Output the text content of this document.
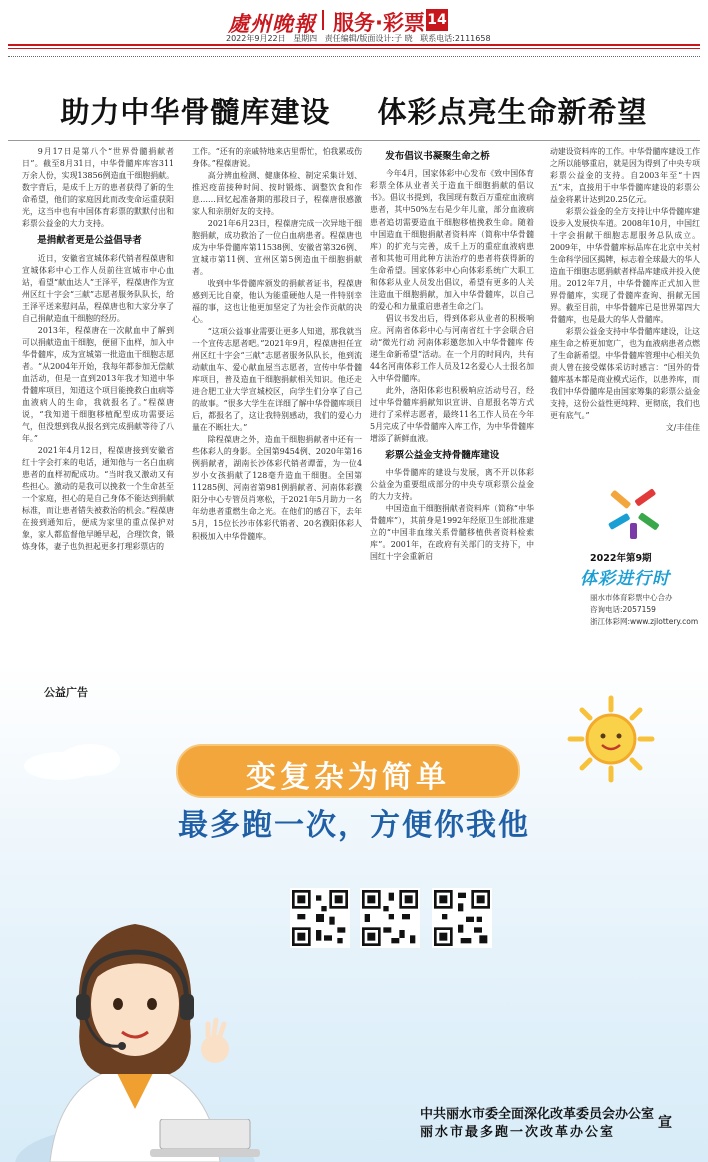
處州晚報 服务·彩票 14
2022年9月22日 星期四 责任编辑/版面设计:子 晓 联系电话:2111658
助力中华骨髓库建设 体彩点亮生命新希望

9月17日是第八个“世界骨髓捐献者日”。截至8月31日，中华骨髓库库容311万余人份，实现13856例造血干细胞捐献。数字背后，是成千上万的患者获得了新的生命希望，他们的家庭因此而改变命运重获阳光，这当中也有中国体育彩票的默默付出和彩票公益金的大力支持。

是捐献者更是公益倡导者

近日，安徽省宣城体彩代销者程葆唐和宣城体彩中心工作人员前往宣城市中心血站，看望“献血达人”王泽平，程葆唐作为宣州区红十字会“三献”志愿者服务队队长，给王泽平送来慰问品，程葆唐也和大家分享了自己捐献造血干细胞的经历。

2013年，程葆唐在一次献血中了解到可以捐献造血干细胞，便留下血样，加入中华骨髓库，成为宣城第一批造血干细胞志愿者。“从2004年开始，我每年都参加无偿献血活动，但是一直到2013年我才知道中华骨髓库项目，知道这个项目能挽救白血病等血液病人的生命，我就报名了。”程葆唐说，“我知道干细胞移植配型成功需要运气，但没想到我从报名到完成捐献等待了八年。”

2021年4月12日，程葆唐接到安徽省红十字会打来的电话，通知他与一名白血病患者的血样初配成功。“当时我又激动又有些担心。激动的是我可以挽救一个生命甚至一个家庭，担心的是自己身体不能达到捐献标准，而让患者错失被救治的机会。”程葆唐在接到通知后，便成为家里的重点保护对象，家人都监督他早睡早起，合理饮食，锻炼身体，妻子也负担起更多打理彩票店的

工作。“还有的亲戚特地来店里帮忙，怕我累或伤身体。”程葆唐说。

高分辨血检测、健康体检、制定采集计划、推迟疫苗接种时间、按时锻炼、调整饮食和作息……回忆起准备期的那段日子，程葆唐很感激家人和亲朋好友的支持。

2021年6月23日，程葆唐完成一次异地干细胞捐献，成功救治了一位白血病患者。程葆唐也成为中华骨髓库第11538例、安徽省第326例、宣城市第11例、宣州区第5例造血干细胞捐献者。

收到中华骨髓库颁发的捐献者证书，程葆唐感到无比自豪，他认为能重硬他人是一件特别幸福的事，这也让他更加坚定了为社会作贡献的决心。

“这项公益事业需要让更多人知道，那我就当一个宣传志愿者吧。”2021年9月，程葆唐担任宣州区红十字会“三献”志愿者服务队队长，他到流动献血车、爱心献血屋当志愿者，宣传中华骨髓库项目，普及造血干细胞捐献相关知识。他还走进合肥工业大学宣城校区，向学生们分享了自己的故事。“很多大学生在详细了解中华骨髓库项目后，都报名了，这让我特别感动，我们的爱心力量在不断壮大。”

除程葆唐之外，造血干细胞捐献者中还有一些体彩人的身影。全国第9454例、2020年第16例捐献者，湖南长沙体彩代销者谭蕾，为一位4岁小女孩捐献了128毫升造血干细胞。全国第11285例、河南省第981例捐献者、河南体彩濮阳分中心专管员肖寒松，于2021年5月助力一名年幼患者重燃生命之光。在他们的感召下，去年5月，15位长沙市体彩代销者、20名濮阳体彩人积极加入中华骨髓库。

发布倡议书凝聚生命之桥

今年4月，国家体彩中心发布《致中国体育彩票全体从业者关于造血干细胞捐献的倡议书》。倡议书提到，我国现有数百万重症血液病患者，其中50%左右是少年儿童，部分血液病患者追切需要造血干细胞移植挽救生命。随着中国造血干细胞捐献者资料库（简称中华骨髓库）的扩充与完善，成千上万的重症血液病患者和其他可用此种方法治疗的患者将获得新的生命希望。国家体彩中心向体彩系统广大职工和体彩从业人员发出倡议，希望有更多的人关注造血干细胞捐献，加入中华骨髓库，以自己的爱心和力量重启患者生命之门。

倡议书发出后，得到体彩从业者的积极响应。河南省体彩中心与河南省红十字会联合启动“微光行动 河南体彩邀您加入中华骨髓库 传递生命新希望”活动。在一个月的时间内，共有44名河南体彩工作人员及12名爱心人士报名加入中华骨髓库。

此外，洛阳体彩也积极响应活动号召，经过中华骨髓库捐献知识宣讲、自愿报名等方式进行了采样志愿者，最终11名工作人员在今年5月完成了中华骨髓库入库工作，为中华骨髓库增添了新鲜血液。

彩票公益金支持骨髓库建设

中华骨髓库的建设与发展，离不开以体彩公益金为重要组成部分的中央专项彩票公益金的大力支持。

中国造血干细胞捐献者资料库（简称“中华骨髓库”），其前身是1992年经原卫生部批准建立的“中国非血缘关系骨髓移植供者资料检索库”。2001年，在政府有关部门的支持下，中国红十字会重新启

动建设资料库的工作。中华骨髓库建设工作之所以能够重启，就是因为得到了中央专项彩票公益金的支持。自2003年至“十四五”末，直接用于中华骨髓库建设的彩票公益金将累计达到20.25亿元。

彩票公益金的全方支持让中华骨髓库建设步入发展快车道。2008年10月，中国红十字会捐献干细胞志愿服务总队成立。2009年，中华骨髓库标品库在北京中关村生命科学园区揭牌，标志着全球最大的华人造血干细胞志愿捐献者样品库建成并投入使用。2012年7月，中华骨髓库正式加入世界骨髓库，实现了骨髓库查询、捐献无国界。截至目前，中华骨髓库已是世界第四大骨髓库，也是最大的华人骨髓库。

彩票公益金支持中华骨髓库建设，让这座生命之桥更加宽广，也为血液病患者点燃了生命新希望。中华骨髓库管理中心相关负责人曾在接受媒体采访时感言：“国外的骨髓库基本都是商业模式运作，以患养库，而我们中华骨髓库是由国家筹集的彩票公益金支持，这份公益性更纯粹、更彻底，我们也更有底气。”

文/丰佳佳

2022年第9期
体彩进行时
丽水市体育彩票中心合办
咨询电话:2057159
浙江体彩网:www.zjlottery.com
公益广告
变复杂为简单
最多跑一次，方便你我他
中共丽水市委全面深化改革委员会办公室
丽水市最多跑一次改革办公室
宣
